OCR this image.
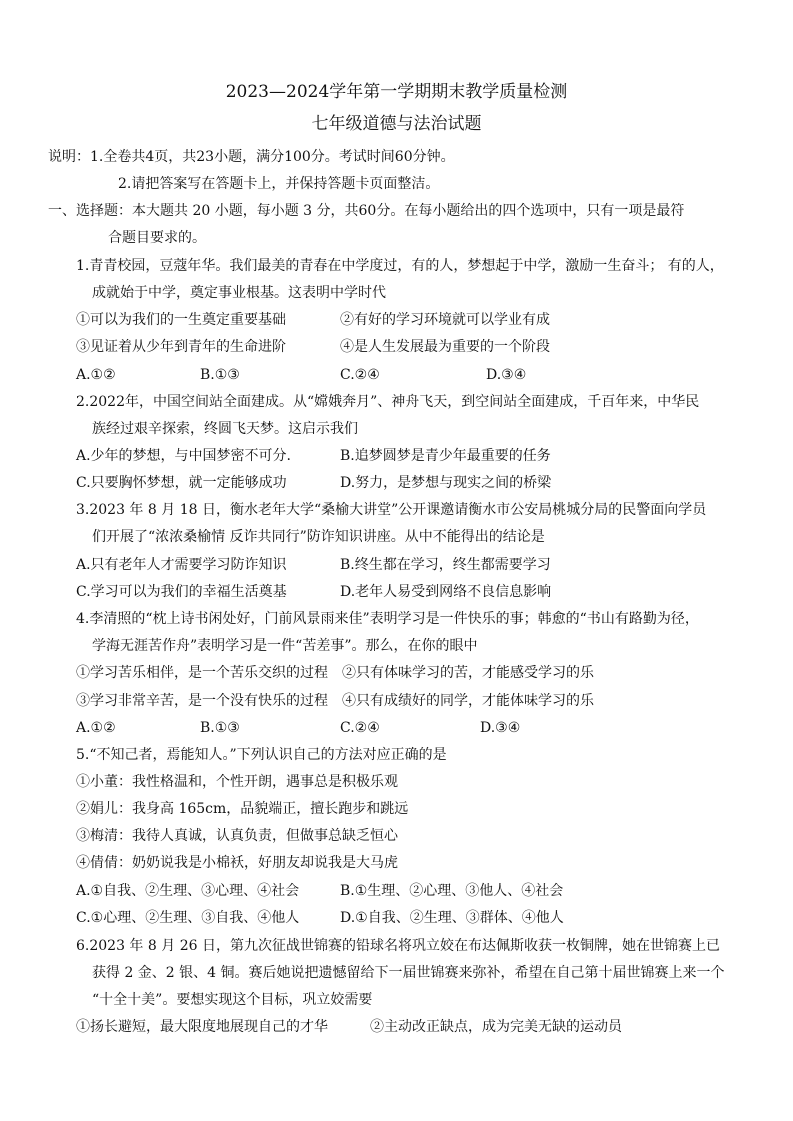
2023—2024学年第一学期期末教学质量检测
七年级道德与法治试题
说明：1.全卷共4页，共23小题，满分100分。考试时间60分钟。
2.请把答案写在答题卡上，并保持答题卡页面整洁。
一、选择题：本大题共 20 小题，每小题 3 分，共60分。在每小题给出的四个选项中，只有一项是最符
合题目要求的。
1.青青校园，豆蔻年华。我们最美的青春在中学度过，有的人，梦想起于中学，激励一生奋斗； 有的人，
成就始于中学，奠定事业根基。这表明中学时代
①可以为我们的一生奠定重要基础	②有好的学习环境就可以学业有成
③见证着从少年到青年的生命进阶	④是人生发展最为重要的一个阶段
A.①②	B.①③	C.②④	D.③④
2.2022年，中国空间站全面建成。从“嫦娥奔月”、神舟飞天，到空间站全面建成，千百年来，中华民
族经过艰辛探索，终圆飞天梦。这启示我们
A.少年的梦想，与中国梦密不可分.	B.追梦圆梦是青少年最重要的任务
C.只要胸怀梦想，就一定能够成功	D.努力，是梦想与现实之间的桥梁
3.2023 年 8 月 18 日，衡水老年大学“桑榆大讲堂”公开课邀请衡水市公安局桃城分局的民警面向学员
们开展了“浓浓桑榆情 反诈共同行”防诈知识讲座。从中不能得出的结论是
A.只有老年人才需要学习防诈知识	B.终生都在学习，终生都需要学习
C.学习可以为我们的幸福生活奠基	D.老年人易受到网络不良信息影响
4.李清照的“枕上诗书闲处好，门前风景雨来佳”表明学习是一件快乐的事；韩愈的“书山有路勤为径，
学海无涯苦作舟”表明学习是一件“苦差事”。那么，在你的眼中
①学习苦乐相伴，是一个苦乐交织的过程 ②只有体味学习的苦，才能感受学习的乐
③学习非常辛苦，是一个没有快乐的过程 ④只有成绩好的同学，才能体味学习的乐
A.①②	B.①③	C.②④	D.③④
5.“不知己者，焉能知人。”下列认识自己的方法对应正确的是
①小董：我性格温和，个性开朗，遇事总是积极乐观
②娟儿：我身高 165cm，品貌端正，擅长跑步和跳远
③梅清：我待人真诚，认真负责，但做事总缺乏恒心
④倩倩：奶奶说我是小棉袄，好朋友却说我是大马虎
A.①自我、②生理、③心理、④社会	B.①生理、②心理、③他人、④社会
C.①心理、②生理、③自我、④他人	D.①自我、②生理、③群体、④他人
6.2023 年 8 月 26 日，第九次征战世锦赛的铅球名将巩立姣在布达佩斯收获一枚铜牌，她在世锦赛上已
获得 2 金、2 银、4 铜。赛后她说把遗憾留给下一届世锦赛来弥补，希望在自己第十届世锦赛上来一个
“十全十美”。要想实现这个目标，巩立姣需要
①扬长避短，最大限度地展现自己的才华	②主动改正缺点，成为完美无缺的运动员
